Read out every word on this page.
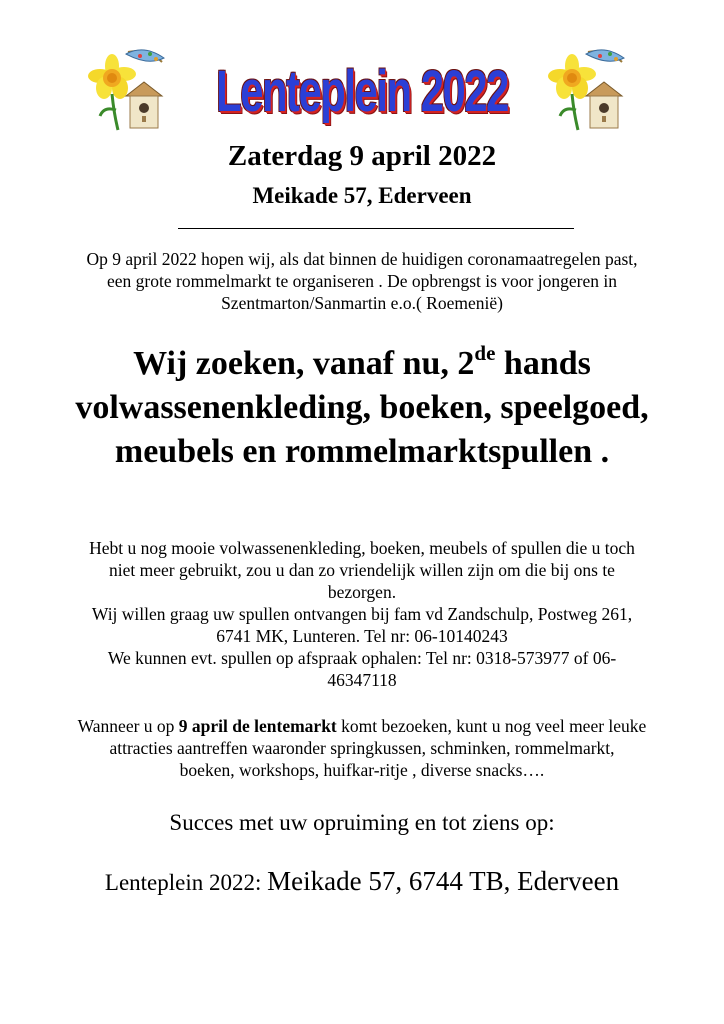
Lenteplein 2022
Zaterdag 9 april 2022
Meikade 57, Ederveen
Op 9 april 2022 hopen wij, als dat binnen de huidigen coronamaatregelen past,
een grote rommelmarkt te organiseren . De opbrengst is voor jongeren in
Szentmarton/Sanmartin e.o.( Roemenië)
Wij zoeken, vanaf nu, 2de hands
volwassenenkleding, boeken, speelgoed,
meubels en rommelmarktspullen .
Hebt u nog mooie volwassenenkleding, boeken, meubels of spullen die u toch
niet meer gebruikt, zou u dan zo vriendelijk willen zijn om die bij ons te
bezorgen.
Wij willen graag uw spullen ontvangen bij fam vd Zandschulp, Postweg 261,
6741 MK, Lunteren. Tel nr: 06-10140243
We kunnen evt. spullen op afspraak ophalen: Tel nr: 0318-573977 of 06-
46347118
Wanneer u op 9 april de lentemarkt komt bezoeken, kunt u nog veel meer leuke
attracties aantreffen waaronder springkussen, schminken, rommelmarkt,
boeken, workshops, huifkar-ritje , diverse snacks….
Succes met uw opruiming en tot ziens op:
Lenteplein 2022: Meikade 57, 6744 TB, Ederveen
